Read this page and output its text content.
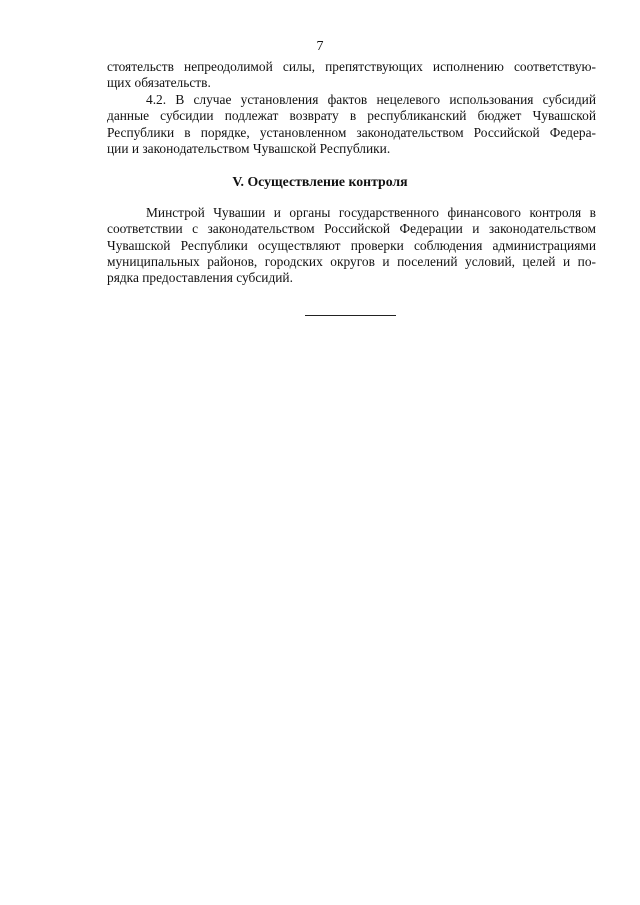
7
стоятельств непреодолимой силы, препятствующих исполнению соответствую-
щих обязательств.
4.2. В случае установления фактов нецелевого использования субсидий
данные субсидии подлежат возврату в республиканский бюджет Чувашской
Республики в порядке, установленном законодательством Российской Федера-
ции и законодательством Чувашской Республики.
V. Осуществление контроля
Минстрой Чувашии и органы государственного финансового контроля в
соответствии с законодательством Российской Федерации и законодательством
Чувашской Республики осуществляют проверки соблюдения администрациями
муниципальных районов, городских округов и поселений условий, целей и по-
рядка предоставления субсидий.
